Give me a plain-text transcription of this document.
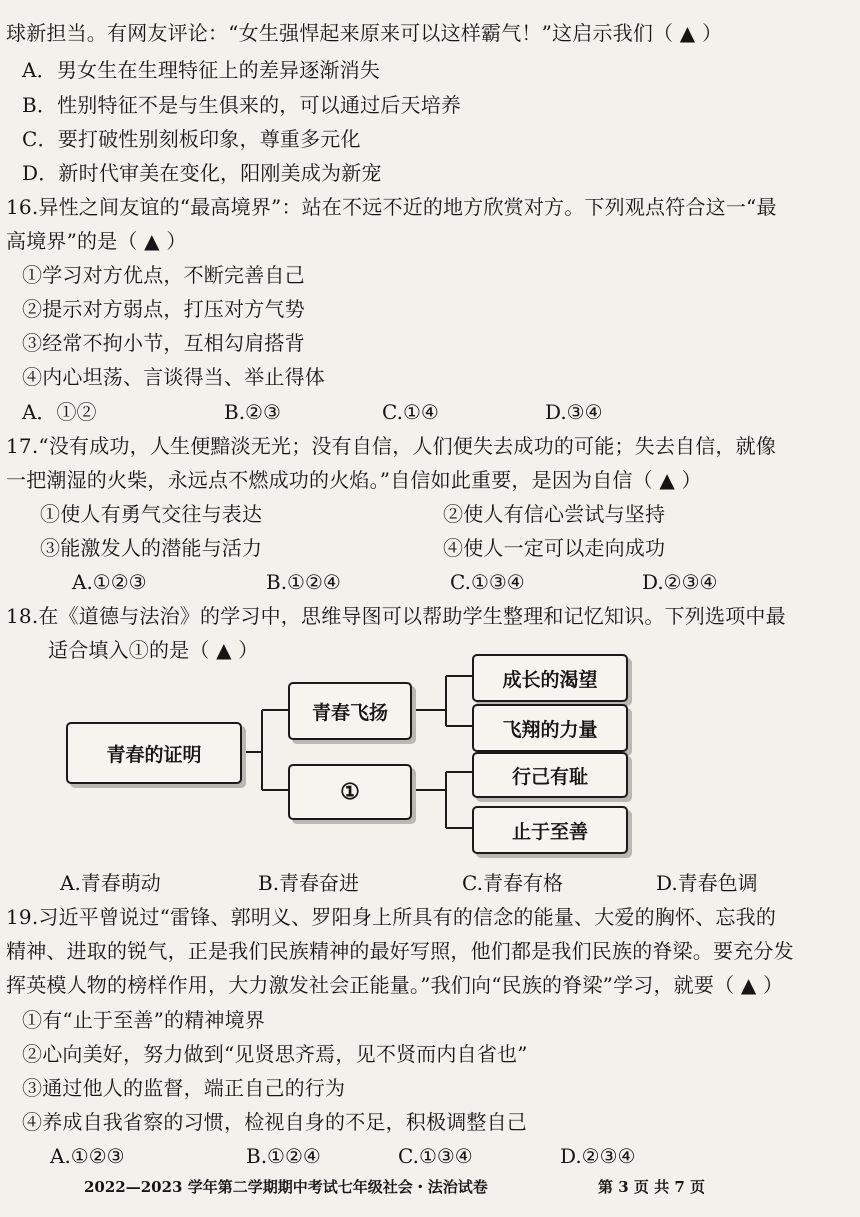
球新担当。有网友评论：“女生强悍起来原来可以这样霸气！”这启示我们（ ▲ ）
A．男女生在生理特征上的差异逐渐消失
B．性别特征不是与生俱来的，可以通过后天培养
C．要打破性别刻板印象，尊重多元化
D．新时代审美在变化，阳刚美成为新宠
16.异性之间友谊的“最高境界”：站在不远不近的地方欣赏对方。下列观点符合这一“最
高境界”的是（ ▲ ）
①学习对方优点，不断完善自己
②提示对方弱点，打压对方气势
③经常不拘小节，互相勾肩搭背
④内心坦荡、言谈得当、举止得体
A．①②	B.②③	C.①④	D.③④
17.“没有成功，人生便黯淡无光；没有自信，人们便失去成功的可能；失去自信，就像
一把潮湿的火柴，永远点不燃成功的火焰。”自信如此重要，是因为自信（ ▲ ）
①使人有勇气交往与表达	②使人有信心尝试与坚持
③能激发人的潜能与活力	④使人一定可以走向成功
A.①②③	B.①②④	C.①③④	D.②③④
18.在《道德与法治》的学习中，思维导图可以帮助学生整理和记忆知识。下列选项中最
适合填入①的是（ ▲ ）
青春的证明
青春飞扬
①
成长的渴望
飞翔的力量
行己有耻
止于至善
A.青春萌动	B.青春奋进	C.青春有格	D.青春色调
19.习近平曾说过“雷锋、郭明义、罗阳身上所具有的信念的能量、大爱的胸怀、忘我的
精神、进取的锐气，正是我们民族精神的最好写照，他们都是我们民族的脊梁。要充分发
挥英模人物的榜样作用，大力激发社会正能量。”我们向“民族的脊梁”学习，就要（ ▲ ）
①有“止于至善”的精神境界
②心向美好，努力做到“见贤思齐焉，见不贤而内自省也”
③通过他人的监督，端正自己的行为
④养成自我省察的习惯，检视自身的不足，积极调整自己
A.①②③	B.①②④	C.①③④	D.②③④
2022—2023 学年第二学期期中考试七年级社会・法治试卷	第 3 页 共 7 页
